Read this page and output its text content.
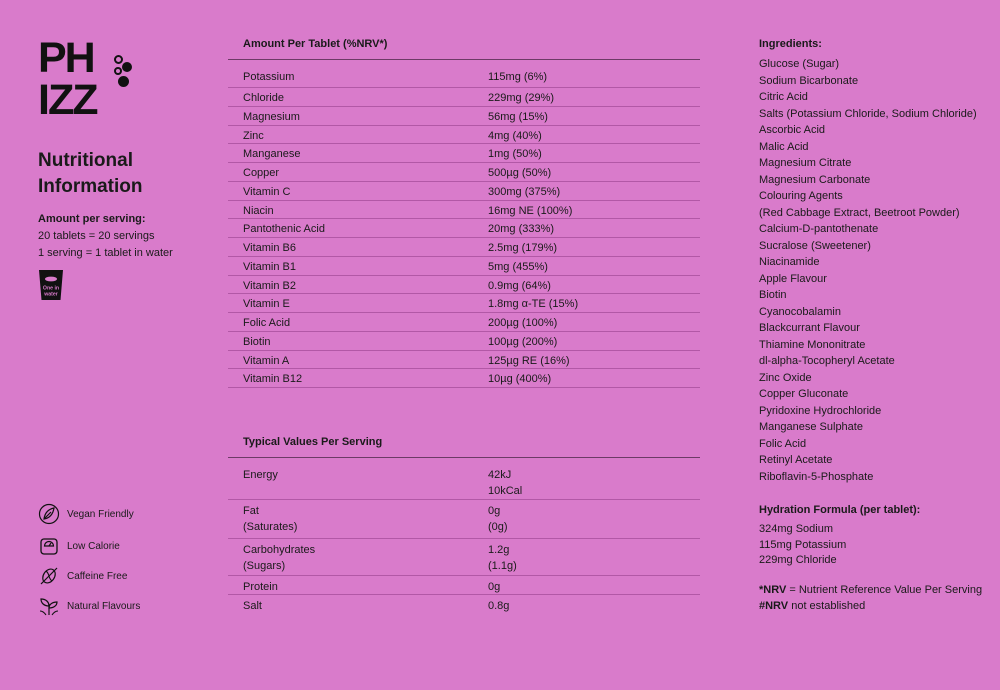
PH
IZZ
Nutritional
Information
Amount per serving:
20 tablets = 20 servings
1 serving = 1 tablet in water
One in
water
Vegan Friendly
Low Calorie
Caffeine Free
Natural Flavours
Amount Per Tablet (%NRV*)
Potassium	115mg (6%)
Chloride	229mg (29%)
Magnesium	56mg (15%)
Zinc	4mg (40%)
Manganese	1mg (50%)
Copper	500µg (50%)
Vitamin C	300mg (375%)
Niacin	16mg NE (100%)
Pantothenic Acid	20mg (333%)
Vitamin B6	2.5mg (179%)
Vitamin B1	5mg (455%)
Vitamin B2	0.9mg (64%)
Vitamin E	1.8mg α-TE (15%)
Folic Acid	200µg (100%)
Biotin	100µg (200%)
Vitamin A	125µg RE (16%)
Vitamin B12	10µg (400%)
Typical Values Per Serving
Energy	42kJ
10kCal
Fat	0g
(Saturates)	(0g)
Carbohydrates	1.2g
(Sugars)	(1.1g)
Protein	0g
Salt	0.8g
Ingredients:
Glucose (Sugar)
Sodium Bicarbonate
Citric Acid
Salts (Potassium Chloride, Sodium Chloride)
Ascorbic Acid
Malic Acid
Magnesium Citrate
Magnesium Carbonate
Colouring Agents
(Red Cabbage Extract, Beetroot Powder)
Calcium-D-pantothenate
Sucralose (Sweetener)
Niacinamide
Apple Flavour
Biotin
Cyanocobalamin
Blackcurrant Flavour
Thiamine Mononitrate
dl-alpha-Tocopheryl Acetate
Zinc Oxide
Copper Gluconate
Pyridoxine Hydrochloride
Manganese Sulphate
Folic Acid
Retinyl Acetate
Riboflavin-5-Phosphate
Hydration Formula (per tablet):
324mg Sodium
115mg Potassium
229mg Chloride
*NRV = Nutrient Reference Value Per Serving
#NRV not established
